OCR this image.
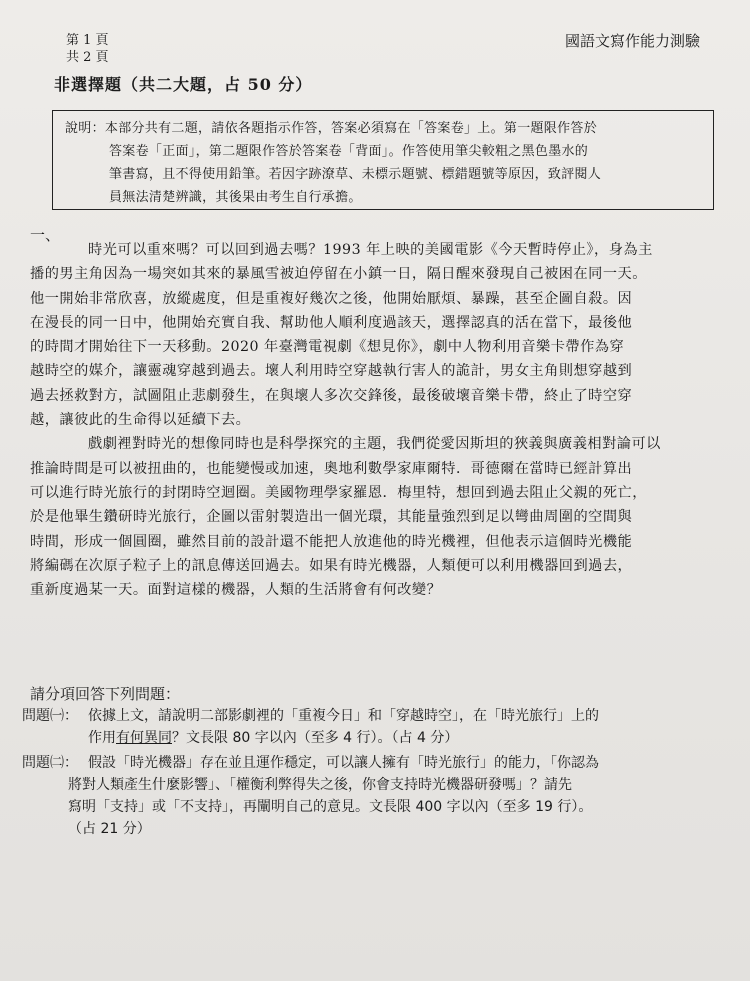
第 1 頁
共 2 頁
國語文寫作能力測驗
非選擇題（共二大題，占 50 分）

說明：本部分共有二題，請依各題指示作答，答案必須寫在「答案卷」上。第一題限作答於

答案卷「正面」，第二題限作答於答案卷「背面」。作答使用筆尖較粗之黑色墨水的

筆書寫，且不得使用鉛筆。若因字跡潦草、未標示題號、標錯題號等原因，致評閱人

員無法清楚辨識，其後果由考生自行承擔。

一、

時光可以重來嗎？可以回到過去嗎？1993 年上映的美國電影《今天暫時停止》，身為主
播的男主角因為一場突如其來的暴風雪被迫停留在小鎮一日，隔日醒來發現自己被困在同一天。
他一開始非常欣喜，放縱處度，但是重複好幾次之後，他開始厭煩、暴躁，甚至企圖自殺。因
在漫長的同一日中，他開始充實自我、幫助他人順利度過該天，選擇認真的活在當下，最後他
的時間才開始往下一天移動。2020 年臺灣電視劇《想見你》，劇中人物利用音樂卡帶作為穿
越時空的媒介，讓靈魂穿越到過去。壞人利用時空穿越執行害人的詭計，男女主角則想穿越到
過去拯救對方，試圖阻止悲劇發生，在與壞人多次交鋒後，最後破壞音樂卡帶，終止了時空穿
越，讓彼此的生命得以延續下去。

戲劇裡對時光的想像同時也是科學探究的主題，我們從愛因斯坦的狹義與廣義相對論可以
推論時間是可以被扭曲的，也能變慢或加速，奧地利數學家庫爾特．哥德爾在當時已經計算出
可以進行時光旅行的封閉時空迴圈。美國物理學家羅恩．梅里特，想回到過去阻止父親的死亡，
於是他畢生鑽研時光旅行，企圖以雷射製造出一個光環，其能量強烈到足以彎曲周圍的空間與
時間，形成一個圓圈，雖然目前的設計還不能把人放進他的時光機裡，但他表示這個時光機能
將編碼在次原子粒子上的訊息傳送回過去。如果有時光機器，人類便可以利用機器回到過去，
重新度過某一天。面對這樣的機器，人類的生活將會有何改變？

請分項回答下列問題：
問題㈠： 依據上文，請說明二部影劇裡的「重複今日」和「穿越時空」，在「時光旅行」上的
作用有何異同？文長限 80 字以內（至多 4 行）。（占 4 分）
問題㈡： 假設「時光機器」存在並且運作穩定，可以讓人擁有「時光旅行」的能力，「你認為
將對人類產生什麼影響」、「權衡利弊得失之後，你會支持時光機器研發嗎」？請先
寫明「支持」或「不支持」，再闡明自己的意見。文長限 400 字以內（至多 19 行）。
（占 21 分）
